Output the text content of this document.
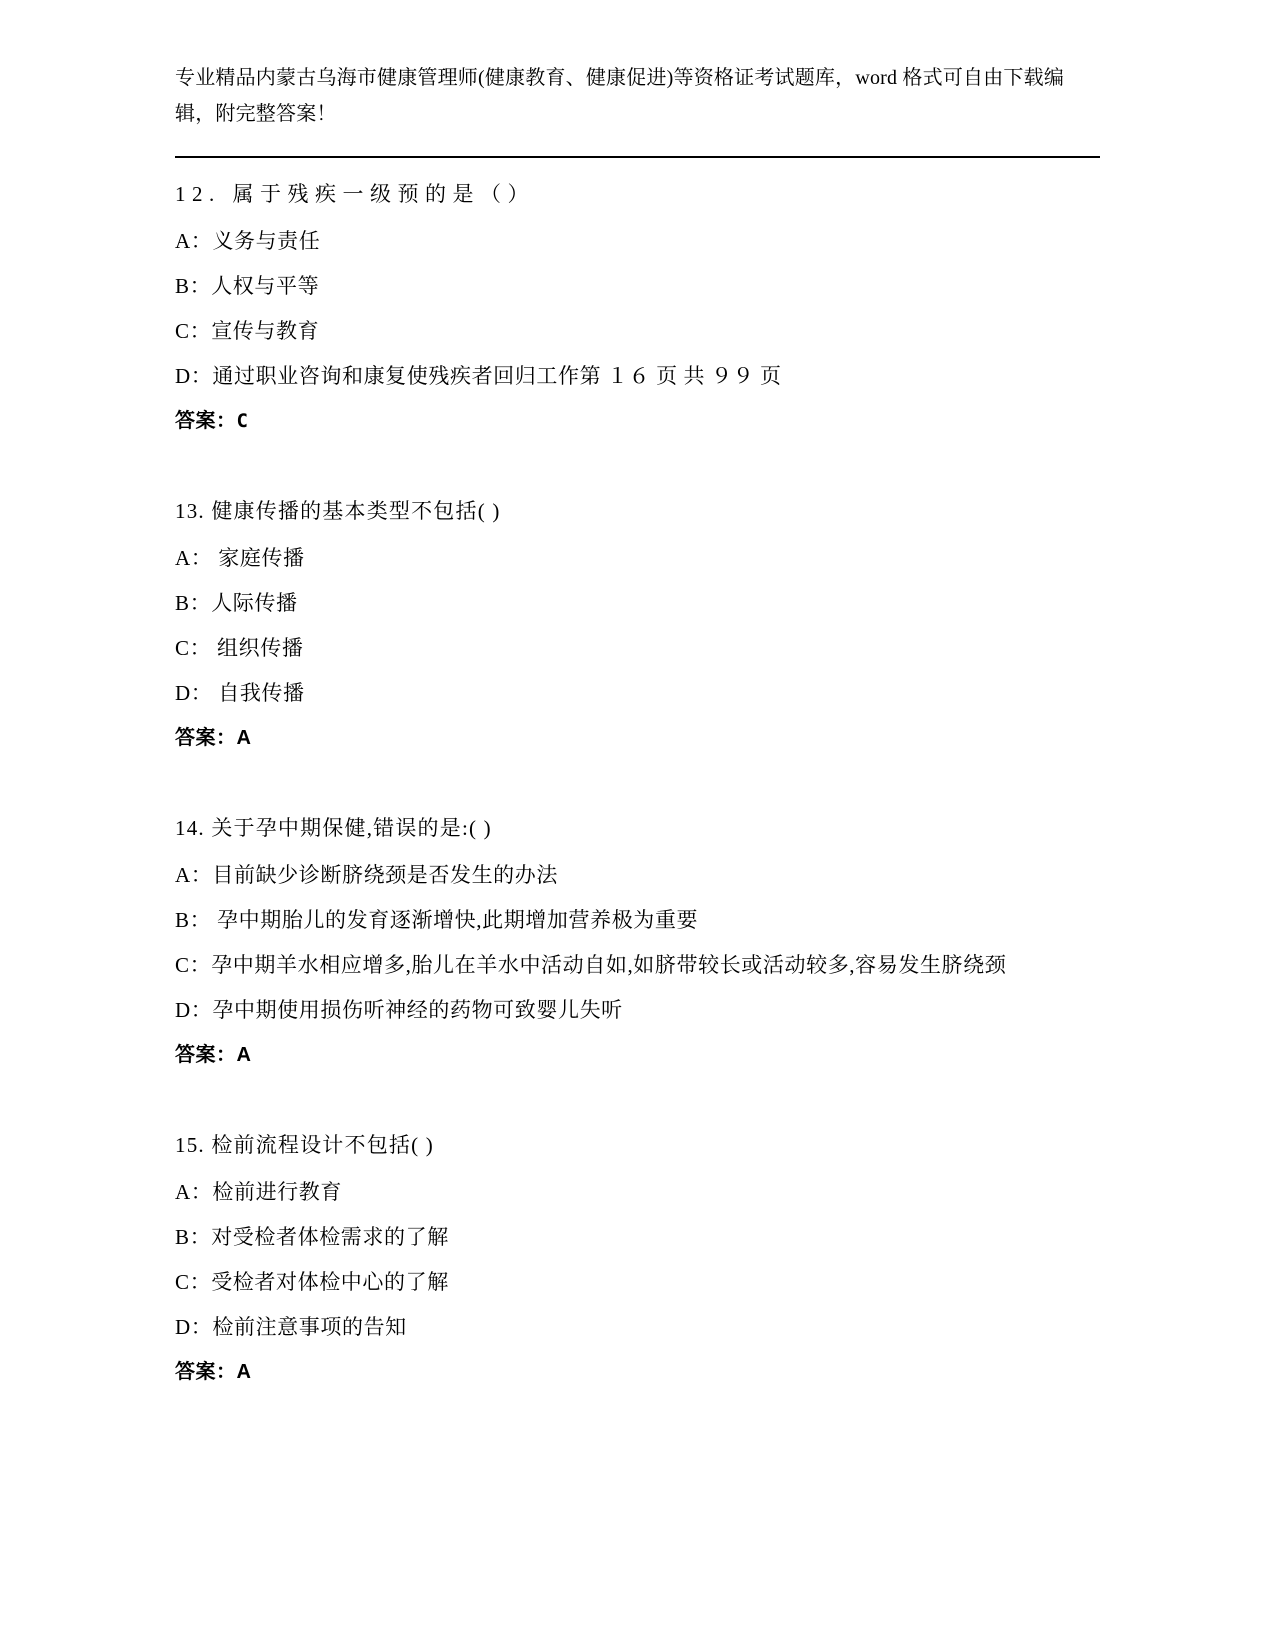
专业精品内蒙古乌海市健康管理师(健康教育、健康促进)等资格证考试题库，word 格式可自由下载编辑，附完整答案！

12. 属于残疾一级预的是（）

A：义务与责任

B：人权与平等

C：宣传与教育

D：通过职业咨询和康复使残疾者回归工作第 １６ 页 共 ９９ 页

答案：C

13. 健康传播的基本类型不包括( )

A： 家庭传播

B：人际传播

C： 组织传播

D： 自我传播

答案：A

14. 关于孕中期保健,错误的是:( )

A：目前缺少诊断脐绕颈是否发生的办法

B： 孕中期胎儿的发育逐渐增快,此期增加营养极为重要

C：孕中期羊水相应增多,胎儿在羊水中活动自如,如脐带较长或活动较多,容易发生脐绕颈

D：孕中期使用损伤听神经的药物可致婴儿失听

答案：A

15. 检前流程设计不包括( )

A：检前进行教育

B：对受检者体检需求的了解

C：受检者对体检中心的了解

D：检前注意事项的告知

答案：A
